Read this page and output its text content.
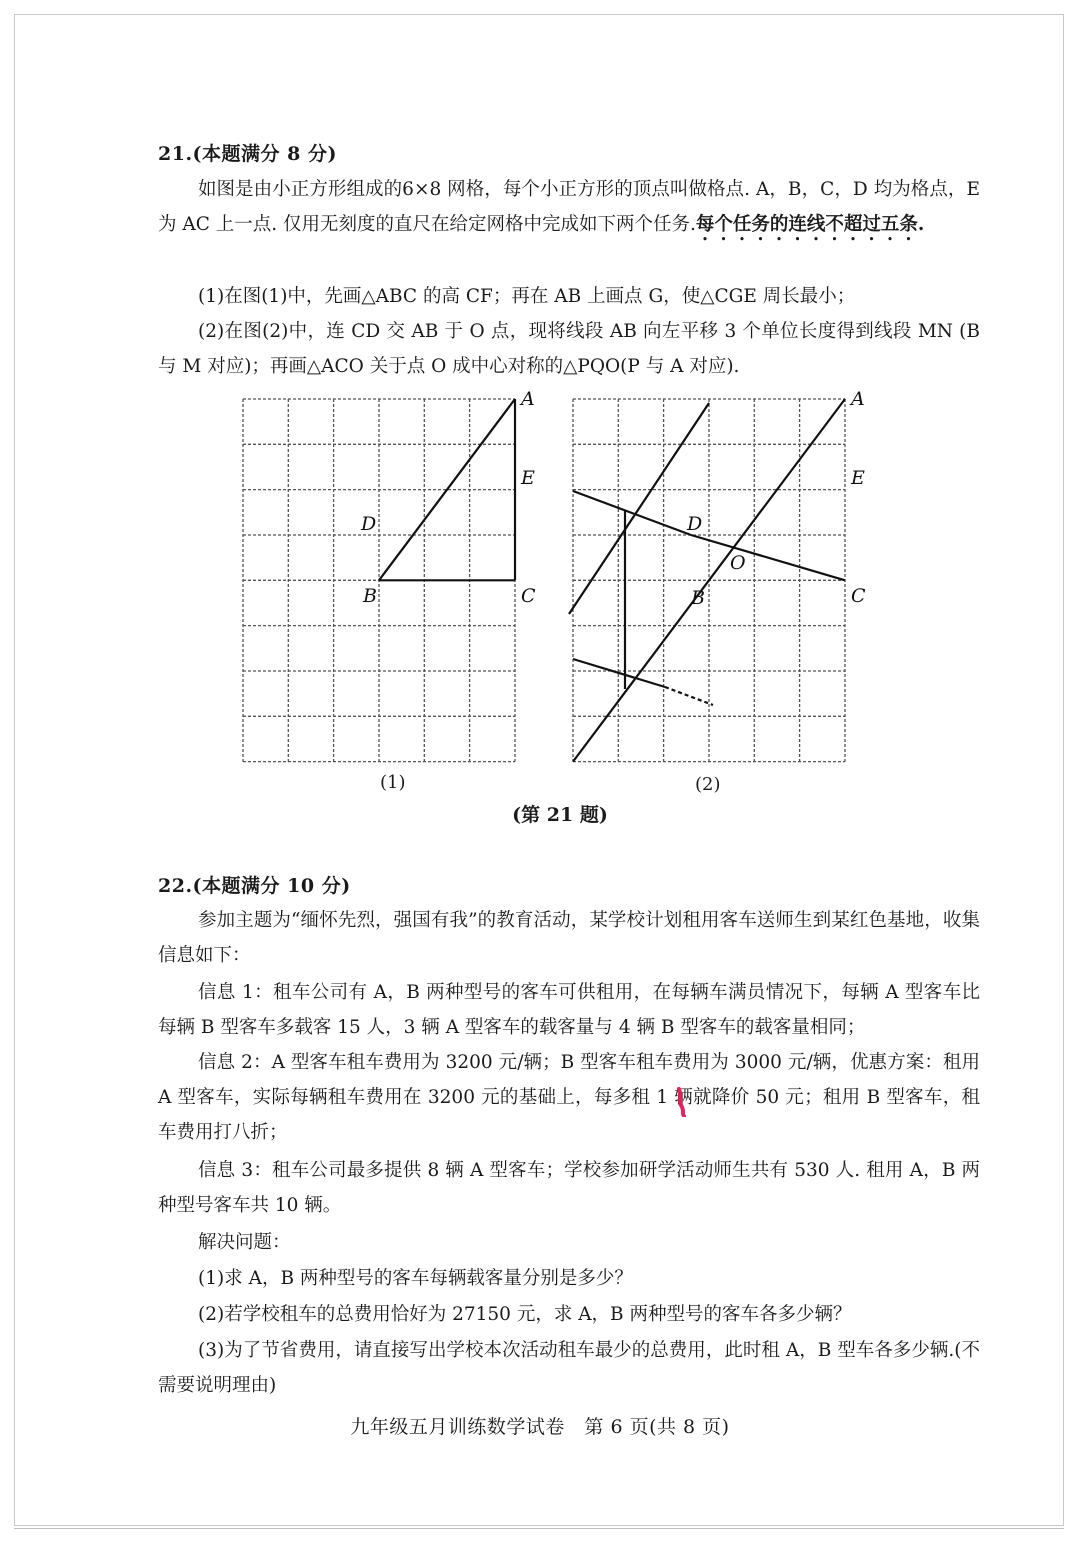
21.(本题满分 8 分)
如图是由小正方形组成的6×8 网格，每个小正方形的顶点叫做格点. A，B，C，D 均为格点，E 为 AC 上一点. 仅用无刻度的直尺在给定网格中完成如下两个任务.每个任务的连线不超过五条.
(1)在图(1)中，先画△ABC 的高 CF；再在 AB 上画点 G，使△CGE 周长最小；
(2)在图(2)中，连 CD 交 AB 于 O 点，现将线段 AB 向左平移 3 个单位长度得到线段 MN (B 与 M 对应)；再画△ACO 关于点 O 成中心对称的△PQO(P 与 A 对应).
A
E
D
B	C
A
E
D
O
B	C
(1)	(2)
(第 21 题)
22.(本题满分 10 分)
参加主题为“缅怀先烈，强国有我”的教育活动，某学校计划租用客车送师生到某红色基地，收集信息如下：
信息 1：租车公司有 A，B 两种型号的客车可供租用，在每辆车满员情况下，每辆 A 型客车比每辆 B 型客车多载客 15 人，3 辆 A 型客车的载客量与 4 辆 B 型客车的载客量相同；
信息 2：A 型客车租车费用为 3200 元/辆；B 型客车租车费用为 3000 元/辆，优惠方案：租用 A 型客车，实际每辆租车费用在 3200 元的基础上，每多租 1 辆就降价 50 元；租用 B 型客车，租车费用打八折；
信息 3：租车公司最多提供 8 辆 A 型客车；学校参加研学活动师生共有 530 人. 租用 A，B 两种型号客车共 10 辆。
解决问题：
(1)求 A，B 两种型号的客车每辆载客量分别是多少？
(2)若学校租车的总费用恰好为 27150 元，求 A，B 两种型号的客车各多少辆？
(3)为了节省费用，请直接写出学校本次活动租车最少的总费用，此时租 A，B 型车各多少辆.(不需要说明理由)
九年级五月训练数学试卷　第 6 页(共 8 页)
